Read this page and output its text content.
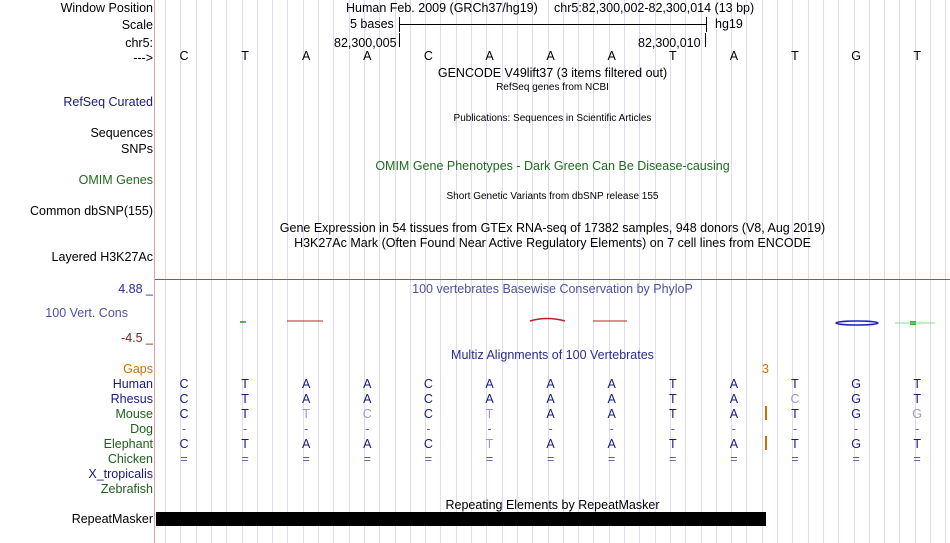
Window Position	Human Feb. 2009 (GRCh37/hg19) chr5:82,300,002-82,300,014 (13 bp)
Scale	5 bases	hg19
chr5:	82,300,005	82,300,010
---> C	T	A	A	C	A	A	A	T	A	T	G	T
GENCODE V49lift37 (3 items filtered out)
RefSeq genes from NCBI
RefSeq Curated
Publications: Sequences in Scientific Articles
Sequences
SNPs
OMIM Gene Phenotypes - Dark Green Can Be Disease-causing
OMIM Genes
Short Genetic Variants from dbSNP release 155
Common dbSNP(155)
Gene Expression in 54 tissues from GTEx RNA-seq of 17382 samples, 948 donors (V8, Aug 2019)
H3K27Ac Mark (Often Found Near Active Regulatory Elements) on 7 cell lines from ENCODE
Layered H3K27Ac
100 vertebrates Basewise Conservation by PhyloP
4.88 _
100 Vert. Cons
-4.5 _
Multiz Alignments of 100 Vertebrates
Gaps	3
Human C	T	A	A	C	A	A	A	T	A	T	G	T
Rhesus C	T	A	A	C	A	A	A	T	A	C	G	T
Mouse C	T	T	C	C	T	A	A	T	A	T	G	G
Dog	-	-	-	-	-	-	-	-	-	-	-	-	-
Elephant C	T	A	A	C	T	A	A	T	A	T	G	T
Chicken =	=	=	=	=	=	=	=	=	=	=	=	=
X_tropicalis
Zebrafish
Repeating Elements by RepeatMasker
RepeatMasker
